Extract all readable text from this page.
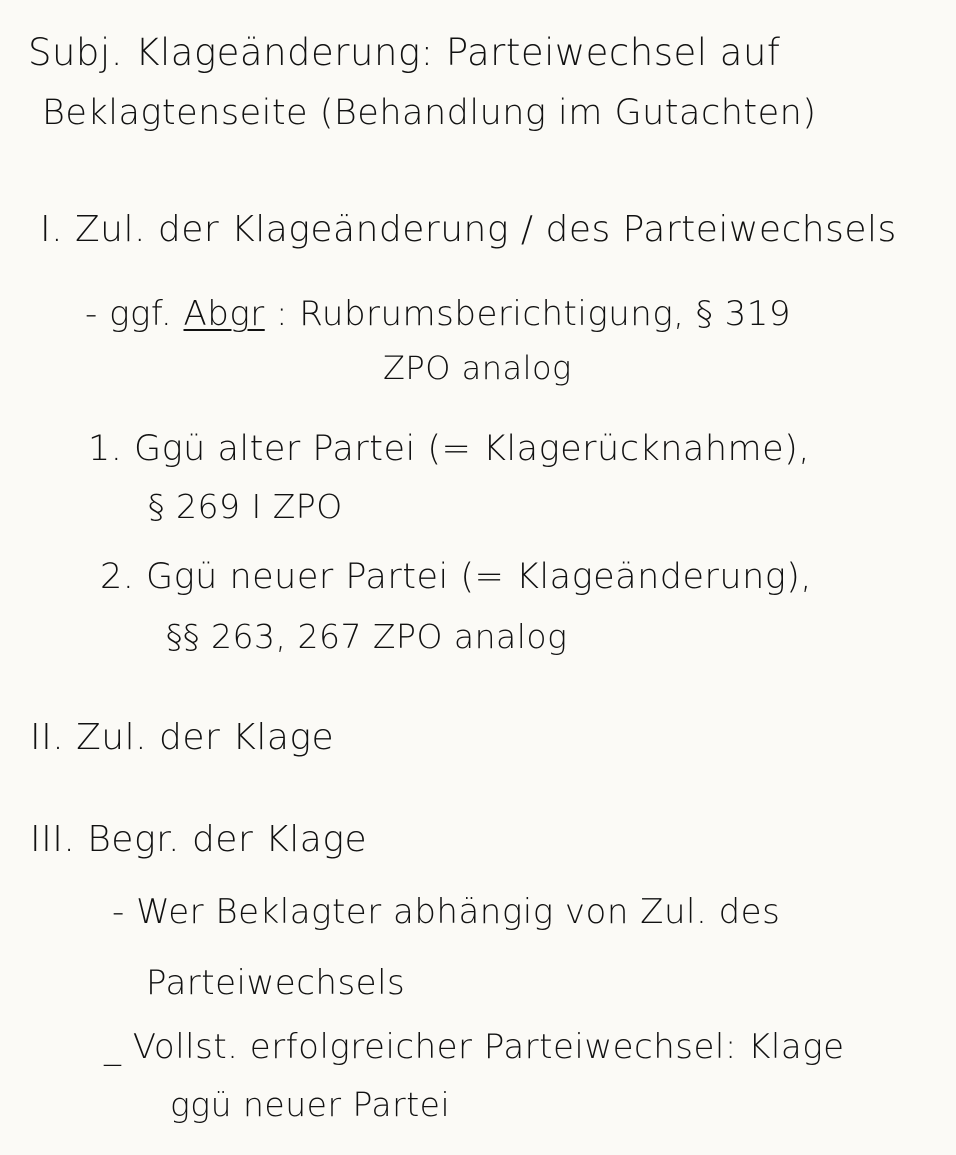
Subj. Klageänderung: Parteiwechsel auf
Beklagtenseite (Behandlung im Gutachten)
I. Zul. der Klageänderung / des Parteiwechsels
- ggf. Abgr : Rubrumsberichtigung, § 319
ZPO analog
1. Ggü alter Partei (= Klagerücknahme),
§ 269 I ZPO
2. Ggü neuer Partei (= Klageänderung),
§§ 263, 267 ZPO analog
II. Zul. der Klage
III. Begr. der Klage
- Wer Beklagter abhängig von Zul. des
Parteiwechsels
_ Vollst. erfolgreicher Parteiwechsel: Klage
ggü neuer Partei
